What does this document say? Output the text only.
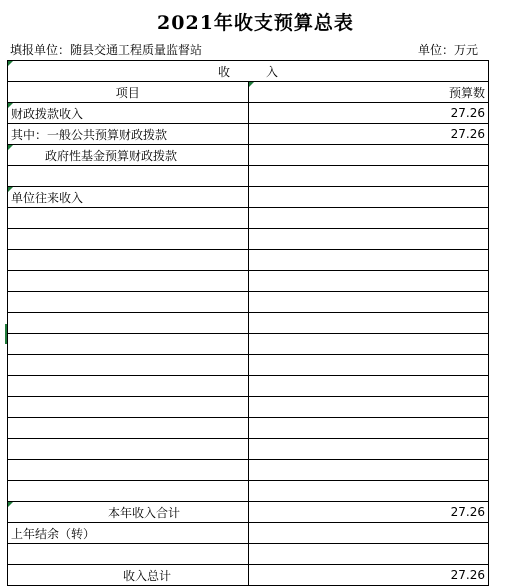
2021年收支预算总表
填报单位：随县交通工程质量监督站	单位：万元
收　　　入	
项目	预算数
财政拨款收入	27.26
其中：一般公共预算财政拨款	27.26
政府性基金预算财政拨款	

单位往来收入	

本年收入合计	27.26
上年结余（转）	

收入总计	27.26
